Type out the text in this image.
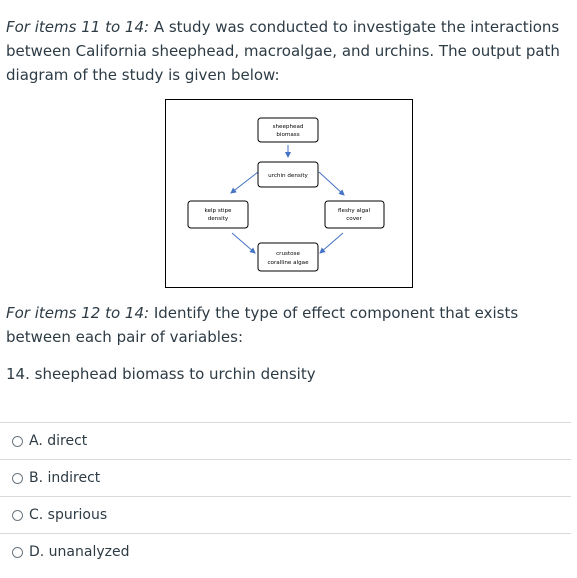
For items 11 to 14: A study was conducted to investigate the interactions between California sheephead, macroalgae, and urchins. The output path diagram of the study is given below:

sheephead
biomass
urchin density
kelp stipe
density
fleshy algal
cover
crustose
coralline algae

For items 12 to 14: Identify the type of effect component that exists between each pair of variables:

14. sheephead biomass to urchin density

A. direct
B. indirect
C. spurious
D. unanalyzed
